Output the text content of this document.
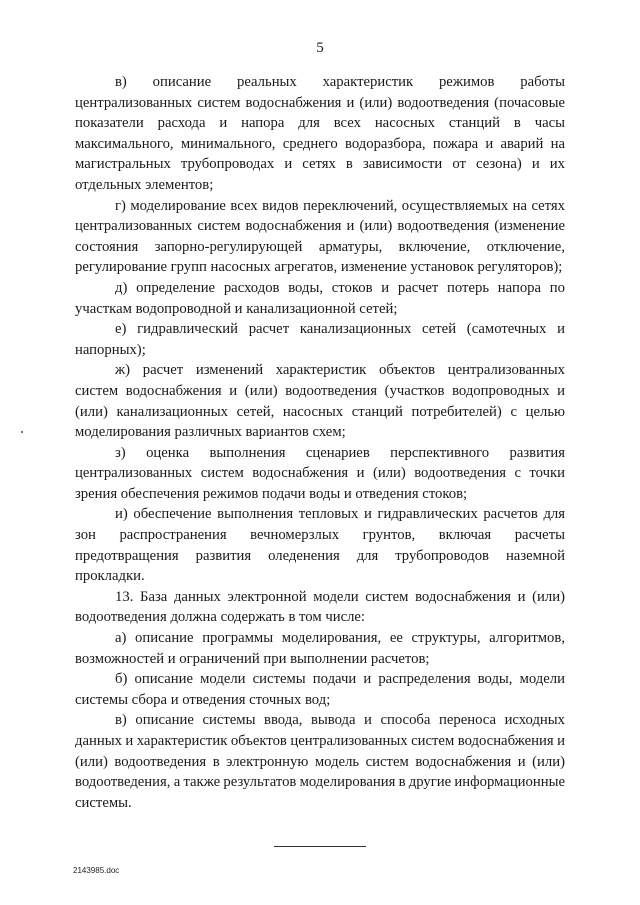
5

в) описание реальных характеристик режимов работы централизованных систем водоснабжения и (или) водоотведения (почасовые показатели расхода и напора для всех насосных станций в часы максимального, минимального, среднего водоразбора, пожара и аварий на магистральных трубопроводах и сетях в зависимости от сезона) и их отдельных элементов;

г) моделирование всех видов переключений, осуществляемых на сетях централизованных систем водоснабжения и (или) водоотведения (изменение состояния запорно-регулирующей арматуры, включение, отключение, регулирование групп насосных агрегатов, изменение установок регуляторов);

д) определение расходов воды, стоков и расчет потерь напора по участкам водопроводной и канализационной сетей;

е) гидравлический расчет канализационных сетей (самотечных и напорных);

ж) расчет изменений характеристик объектов централизованных систем водоснабжения и (или) водоотведения (участков водопроводных и (или) канализационных сетей, насосных станций потребителей) с целью моделирования различных вариантов схем;

з) оценка выполнения сценариев перспективного развития централизованных систем водоснабжения и (или) водоотведения с точки зрения обеспечения режимов подачи воды и отведения стоков;

и) обеспечение выполнения тепловых и гидравлических расчетов для зон распространения вечномерзлых грунтов, включая расчеты предотвращения развития оледенения для трубопроводов наземной прокладки.

13. База данных электронной модели систем водоснабжения и (или) водоотведения должна содержать в том числе:

а) описание программы моделирования, ее структуры, алгоритмов, возможностей и ограничений при выполнении расчетов;

б) описание модели системы подачи и распределения воды, модели системы сбора и отведения сточных вод;

в) описание системы ввода, вывода и способа переноса исходных данных и характеристик объектов централизованных систем водоснабжения и (или) водоотведения в электронную модель систем водоснабжения и (или) водоотведения, а также результатов моделирования в другие информационные системы.

2143985.doc
